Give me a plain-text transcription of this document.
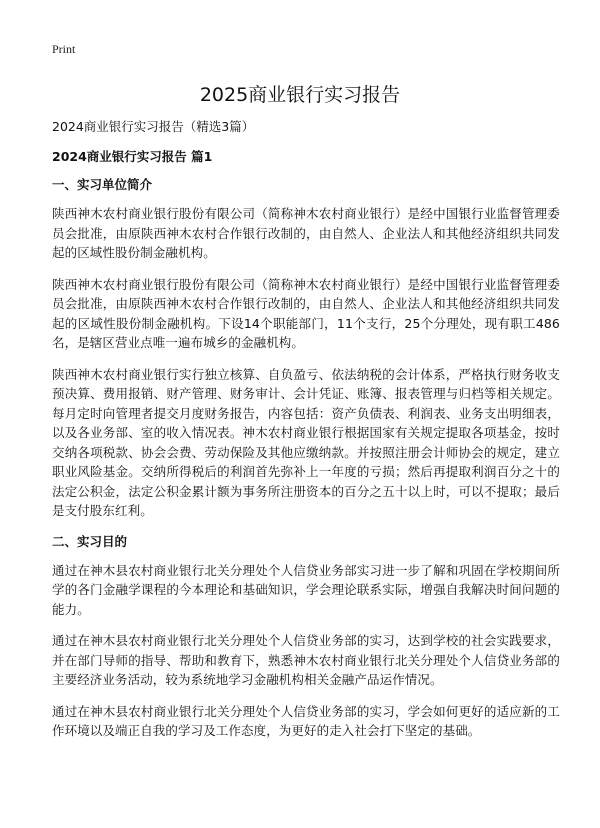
Print
2025商业银行实习报告

2024商业银行实习报告（精选3篇）

2024商业银行实习报告 篇1

一、实习单位简介

陕西神木农村商业银行股份有限公司（简称神木农村商业银行）是经中国银行业监督管理委员会批准，由原陕西神木农村合作银行改制的，由自然人、企业法人和其他经济组织共同发起的区域性股份制金融机构。

陕西神木农村商业银行股份有限公司（简称神木农村商业银行）是经中国银行业监督管理委员会批准，由原陕西神木农村合作银行改制的，由自然人、企业法人和其他经济组织共同发起的区域性股份制金融机构。下设14个职能部门，11个支行，25个分理处，现有职工486名，是辖区营业点唯一遍布城乡的金融机构。

陕西神木农村商业银行实行独立核算、自负盈亏、依法纳税的会计体系，严格执行财务收支预决算、费用报销、财产管理、财务审计、会计凭证、账簿、报表管理与归档等相关规定。每月定时向管理者提交月度财务报告，内容包括：资产负债表、利润表、业务支出明细表，以及各业务部、室的收入情况表。神木农村商业银行根据国家有关规定提取各项基金，按时交纳各项税款、协会会费、劳动保险及其他应缴纳款。并按照注册会计师协会的规定，建立职业风险基金。交纳所得税后的利润首先弥补上一年度的亏损；然后再提取利润百分之十的法定公积金，法定公积金累计额为事务所注册资本的百分之五十以上时，可以不提取；最后是支付股东红利。

二、实习目的

通过在神木县农村商业银行北关分理处个人信贷业务部实习进一步了解和巩固在学校期间所学的各门金融学课程的今本理论和基础知识，学会理论联系实际，增强自我解决时间问题的能力。

通过在神木县农村商业银行北关分理处个人信贷业务部的实习，达到学校的社会实践要求，并在部门导师的指导、帮助和教育下，熟悉神木农村商业银行北关分理处个人信贷业务部的主要经济业务活动，较为系统地学习金融机构相关金融产品运作情况。

通过在神木县农村商业银行北关分理处个人信贷业务部的实习，学会如何更好的适应新的工作环境以及端正自我的学习及工作态度，为更好的走入社会打下坚定的基础。
